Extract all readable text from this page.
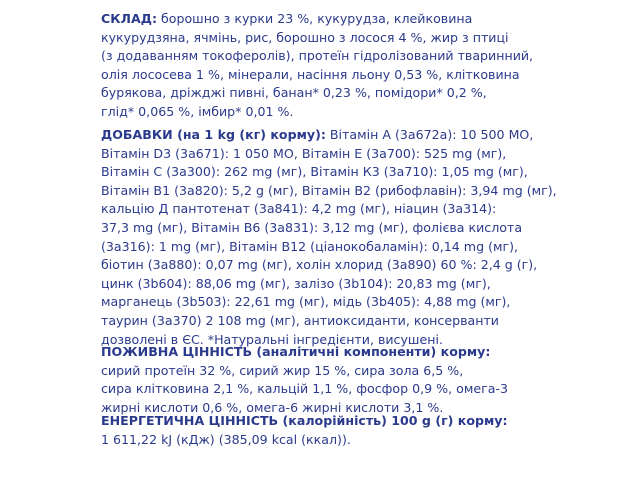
СКЛАД: борошно з курки 23 %, кукурудза, клейковина
кукурудзяна, ячмінь, рис, борошно з лосося 4 %, жир з птиці
(з додаванням токоферолів), протеїн гідролізований тваринний,
олія лососева 1 %, мінерали, насіння льону 0,53 %, клітковина
бурякова, дріжджі пивні, банан* 0,23 %, помідори* 0,2 %,
глід* 0,065 %, імбир* 0,01 %.
ДОБАВКИ (на 1 kg (кг) корму): Вітамін А (3а672а): 10 500 МО,
Вітамін D3 (3а671): 1 050 МО, Вітамін Е (3а700): 525 mg (мг),
Вітамін С (3а300): 262 mg (мг), Вітамін К3 (3а710): 1,05 mg (мг),
Вітамін В1 (3а820): 5,2 g (мг), Вітамін В2 (рибофлавін): 3,94 mg (мг),
кальцію Д пантотенат (3а841): 4,2 mg (мг), ніацин (3а314):
37,3 mg (мг), Вітамін В6 (3а831): 3,12 mg (мг), фолієва кислота
(3а316): 1 mg (мг), Вітамін В12 (ціанокобаламін): 0,14 mg (мг),
біотин (3а880): 0,07 mg (мг), холін хлорид (3а890) 60 %: 2,4 g (г),
цинк (3b604): 88,06 mg (мг), залізо (3b104): 20,83 mg (мг),
марганець (3b503): 22,61 mg (мг), мідь (3b405): 4,88 mg (мг),
таурин (3а370) 2 108 mg (мг), антиоксиданти, консерванти
дозволені в ЄС. *Натуральні інгредієнти, висушені.
ПОЖИВНА ЦІННІСТЬ (аналітичні компоненти) корму:
сирий протеїн 32 %, сирий жир 15 %, сира зола 6,5 %,
сира клітковина 2,1 %, кальцій 1,1 %, фосфор 0,9 %, омега-3
жирні кислоти 0,6 %, омега-6 жирні кислоти 3,1 %.
ЕНЕРГЕТИЧНА ЦІННІСТЬ (калорійність) 100 g (г) корму:
1 611,22 kJ (кДж) (385,09 kcal (ккал)).
